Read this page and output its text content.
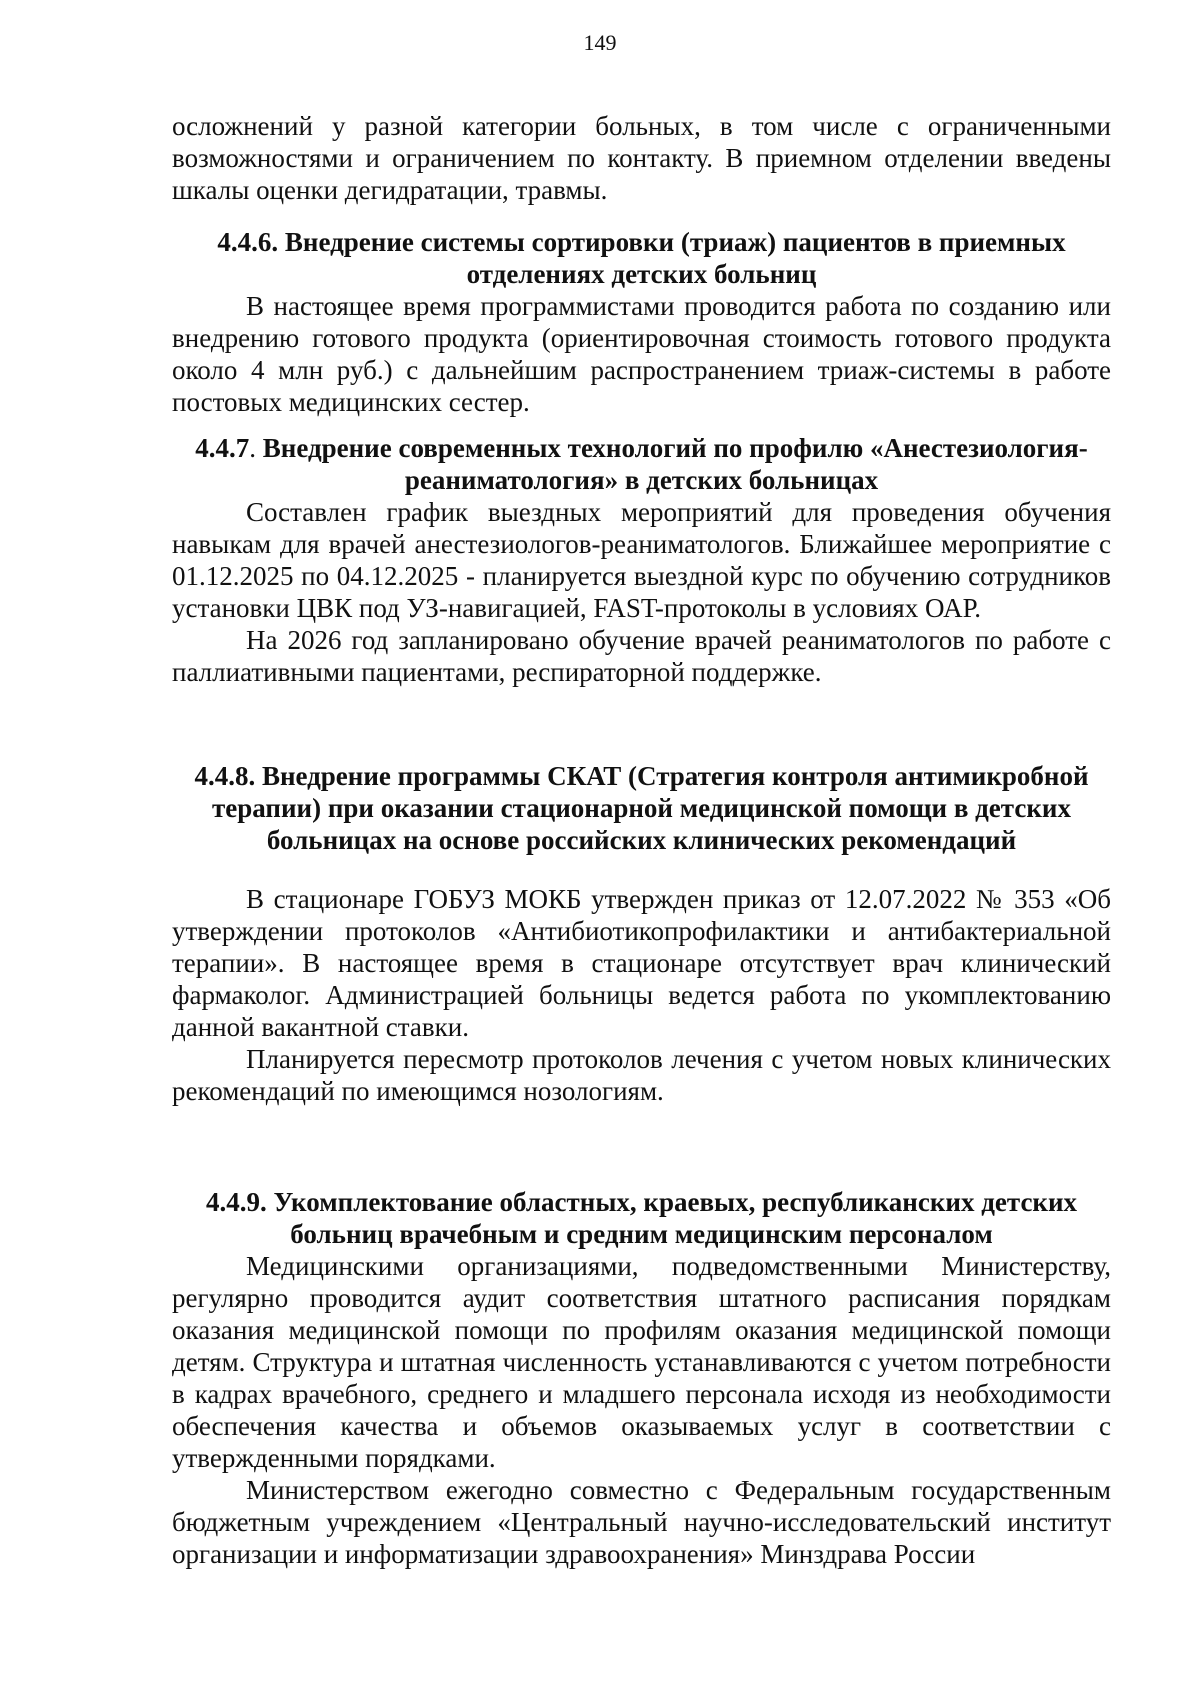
149

осложнений у разной категории больных, в том числе с ограниченными возможностями и ограничением по контакту. В приемном отделении введены шкалы оценки дегидратации, травмы.

4.4.6. Внедрение системы сортировки (триаж) пациентов в приемных отделениях детских больниц

В настоящее время программистами проводится работа по созданию или внедрению готового продукта (ориентировочная стоимость готового продукта около 4 млн руб.) с дальнейшим распространением триаж-системы в работе постовых медицинских сестер.

4.4.7. Внедрение современных технологий по профилю «Анестезиология-реаниматология» в детских больницах

Составлен график выездных мероприятий для проведения обучения навыкам для врачей анестезиологов-реаниматологов. Ближайшее мероприятие с 01.12.2025 по 04.12.2025 - планируется выездной курс по обучению сотрудников установки ЦВК под УЗ-навигацией, FAST-протоколы в условиях ОАР.

На 2026 год запланировано обучение врачей реаниматологов по работе с паллиативными пациентами, респираторной поддержке.

4.4.8. Внедрение программы СКАТ (Стратегия контроля антимикробной терапии) при оказании стационарной медицинской помощи в детских больницах на основе российских клинических рекомендаций

В стационаре ГОБУЗ МОКБ утвержден приказ от 12.07.2022 № 353 «Об утверждении протоколов «Антибиотикопрофилактики и антибактериальной терапии». В настоящее время в стационаре отсутствует врач клинический фармаколог. Администрацией больницы ведется работа по укомплектованию данной вакантной ставки.

Планируется пересмотр протоколов лечения с учетом новых клинических рекомендаций по имеющимся нозологиям.

4.4.9. Укомплектование областных, краевых, республиканских детских больниц врачебным и средним медицинским персоналом

Медицинскими организациями, подведомственными Министерству, регулярно проводится аудит соответствия штатного расписания порядкам оказания медицинской помощи по профилям оказания медицинской помощи детям. Структура и штатная численность устанавливаются с учетом потребности в кадрах врачебного, среднего и младшего персонала исходя из необходимости обеспечения качества и объемов оказываемых услуг в соответствии с утвержденными порядками.

Министерством ежегодно совместно с Федеральным государственным бюджетным учреждением «Центральный научно-исследовательский институт организации и информатизации здравоохранения» Минздрава России
